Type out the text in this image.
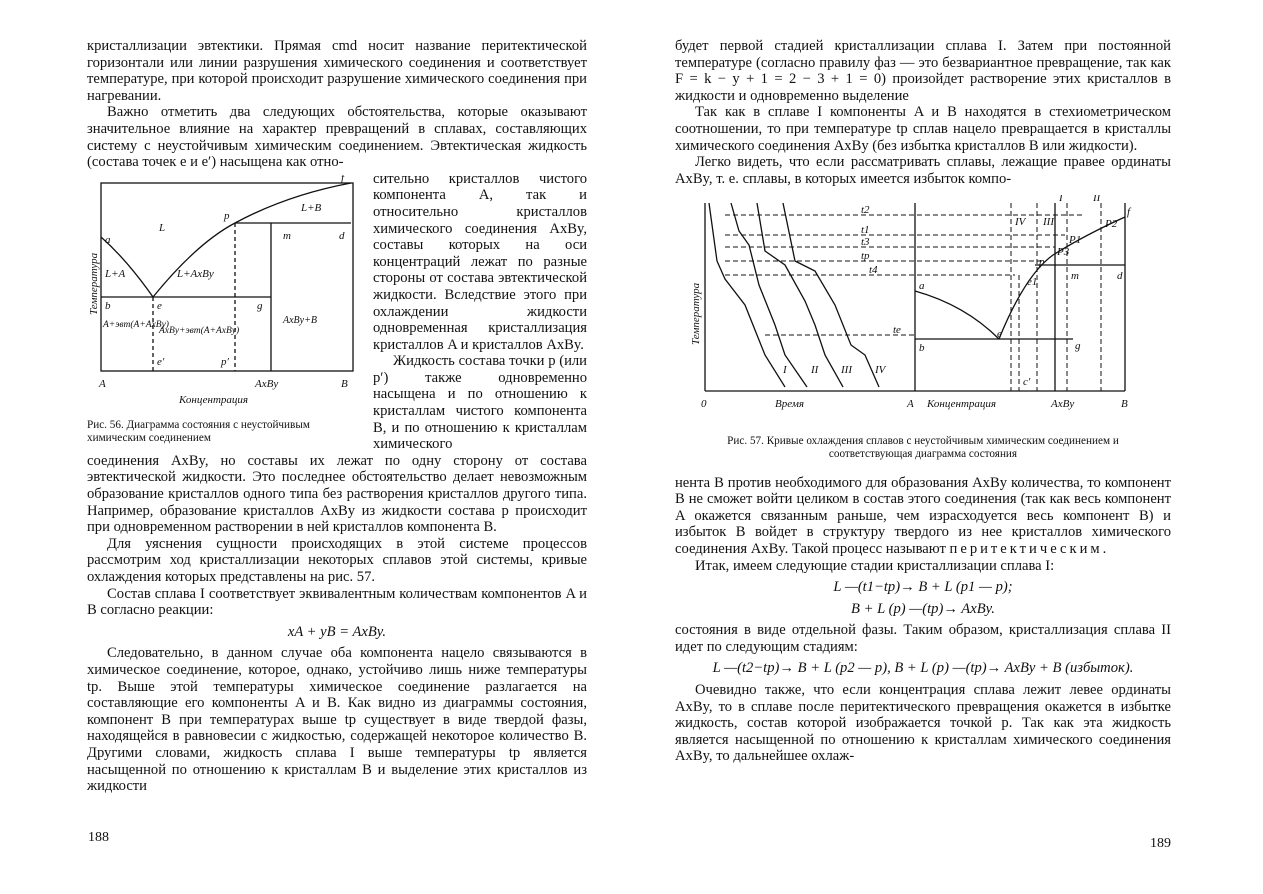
кристаллизации эвтектики. Прямая cmd носит название перитектической горизонтали или линии разрушения химического соединения и соответствует температуре, при которой происходит разрушение химического соединения при нагревании.

Важно отметить два следующих обстоятельства, которые оказывают значительное влияние на характер превращений в сплавах, составляющих систему с неустойчивым химическим соединением. Эвтектическая жидкость (состава точек e и e′) насыщена как отно-

f
L+B
L
p
a	m	d
L+A	L+AxBy
b	e	g
A+эвт(A+AxBy)
AxBy+эвт(A+AxBy)
AxBy+B
e′	p′
A	AxBy	B
Концентрация
Температура
Рис. 56. Диаграмма состояния с неустойчивым химическим соединением

сительно кристаллов чистого компонента A, так и относительно кристаллов химического соединения AxBy, составы которых на оси концентраций лежат по разные стороны от состава эвтектической жидкости. Вследствие этого при охлаждении жидкости одновременная кристаллизация кристаллов A и кристаллов AxBy.

Жидкость состава точки p (или p′) также одновременно насыщена и по отношению к кристаллам чистого компонента B, и по отношению к кристаллам химического

соединения AxBy, но составы их лежат по одну сторону от состава эвтектической жидкости. Это последнее обстоятельство делает невозможным образование кристаллов одного типа без растворения кристаллов другого типа. Например, образование кристаллов AxBy из жидкости состава p происходит при одновременном растворении в ней кристаллов компонента B.

Для уяснения сущности происходящих в этой системе процессов рассмотрим ход кристаллизации некоторых сплавов этой системы, кривые охлаждения которых представлены на рис. 57.

Состав сплава I соответствует эквивалентным количествам компонентов A и B согласно реакции:

xA + yB = AxBy.

Следовательно, в данном случае оба компонента нацело связываются в химическое соединение, которое, однако, устойчиво лишь ниже температуры tp. Выше этой температуры химическое соединение разлагается на составляющие его компоненты A и B. Как видно из диаграммы состояния, компонент B при температурах выше tp существует в виде твердой фазы, находящейся в равновесии с жидкостью, содержащей некоторое количество B. Другими словами, жидкость сплава I выше температуры tp является насыщенной по отношению к кристаллам B и выделение этих кристаллов из жидкости

188

будет первой стадией кристаллизации сплава I. Затем при постоянной температуре (согласно правилу фаз — это безвариантное превращение, так как F = k − y + 1 = 2 − 3 + 1 = 0) произойдет растворение этих кристаллов в жидкости и одновременно выделение

Так как в сплаве I компоненты A и B находятся в стехиометрическом соотношении, то при температуре tp сплав нацело превращается в кристаллы химического соединения AxBy (без избытка кристаллов B или жидкости).

Легко видеть, что если рассматривать сплавы, лежащие правее ординаты AxBy, т. е. сплавы, в которых имеется избыток компо-

t2
t1
t3
tp
t4
te
I	II
III
IV	P2
f
P1
P3
p
e1	m	d
a
e
b	g
c′
0	A	AxBy	B
Время	Концентрация
Температура
I II III IV
Рис. 57. Кривые охлаждения сплавов с неустойчивым химическим соединением и соответствующая диаграмма состояния

нента B против необходимого для образования AxBy количества, то компонент B не сможет войти целиком в состав этого соединения (так как весь компонент A окажется связанным раньше, чем израсходуется весь компонент B) и избыток B войдет в структуру твердого из нее кристаллов химического соединения AxBy. Такой процесс называют перитектическим.

Итак, имеем следующие стадии кристаллизации сплава I:

L —(t1−tp)→ B + L (p1 — p);

B + L (p) —(tp)→ AxBy.

состояния в виде отдельной фазы. Таким образом, кристаллизация сплава II идет по следующим стадиям:

L —(t2−tp)→ B + L (p2 — p), B + L (p) —(tp)→ AxBy + B (избыток).

Очевидно также, что если концентрация сплава лежит левее ординаты AxBy, то в сплаве после перитектического превращения окажется в избытке жидкость, состав которой изображается точкой p. Так как эта жидкость является насыщенной по отношению к кристаллам химического соединения AxBy, то дальнейшее охлаж-

189
